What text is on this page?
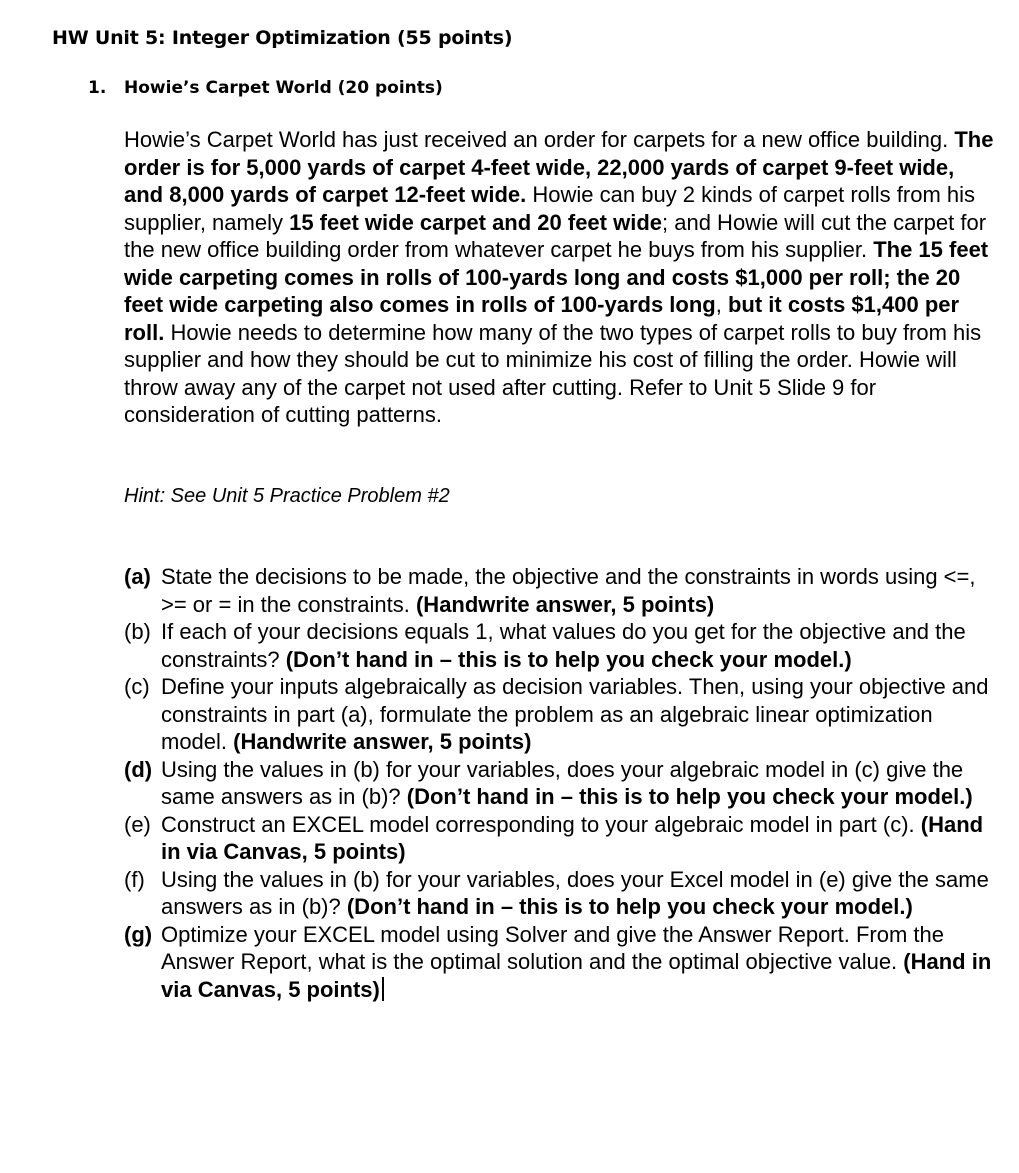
HW Unit 5: Integer Optimization (55 points)
1. Howie’s Carpet World (20 points)
Howie’s Carpet World has just received an order for carpets for a new office building. The order is for 5,000 yards of carpet 4-feet wide, 22,000 yards of carpet 9-feet wide, and 8,000 yards of carpet 12-feet wide. Howie can buy 2 kinds of carpet rolls from his supplier, namely 15 feet wide carpet and 20 feet wide; and Howie will cut the carpet for the new office building order from whatever carpet he buys from his supplier. The 15 feet wide carpeting comes in rolls of 100-yards long and costs $1,000 per roll; the 20 feet wide carpeting also comes in rolls of 100-yards long, but it costs $1,400 per roll. Howie needs to determine how many of the two types of carpet rolls to buy from his supplier and how they should be cut to minimize his cost of filling the order. Howie will throw away any of the carpet not used after cutting. Refer to Unit 5 Slide 9 for consideration of cutting patterns.
Hint: See Unit 5 Practice Problem #2
(a) State the decisions to be made, the objective and the constraints in words using <=, >= or = in the constraints. (Handwrite answer, 5 points)
(b) If each of your decisions equals 1, what values do you get for the objective and the constraints? (Don’t hand in – this is to help you check your model.)
(c) Define your inputs algebraically as decision variables. Then, using your objective and constraints in part (a), formulate the problem as an algebraic linear optimization model. (Handwrite answer, 5 points)
(d) Using the values in (b) for your variables, does your algebraic model in (c) give the same answers as in (b)? (Don’t hand in – this is to help you check your model.)
(e) Construct an EXCEL model corresponding to your algebraic model in part (c). (Hand in via Canvas, 5 points)
(f) Using the values in (b) for your variables, does your Excel model in (e) give the same answers as in (b)? (Don’t hand in – this is to help you check your model.)
(g) Optimize your EXCEL model using Solver and give the Answer Report. From the Answer Report, what is the optimal solution and the optimal objective value. (Hand in via Canvas, 5 points)
